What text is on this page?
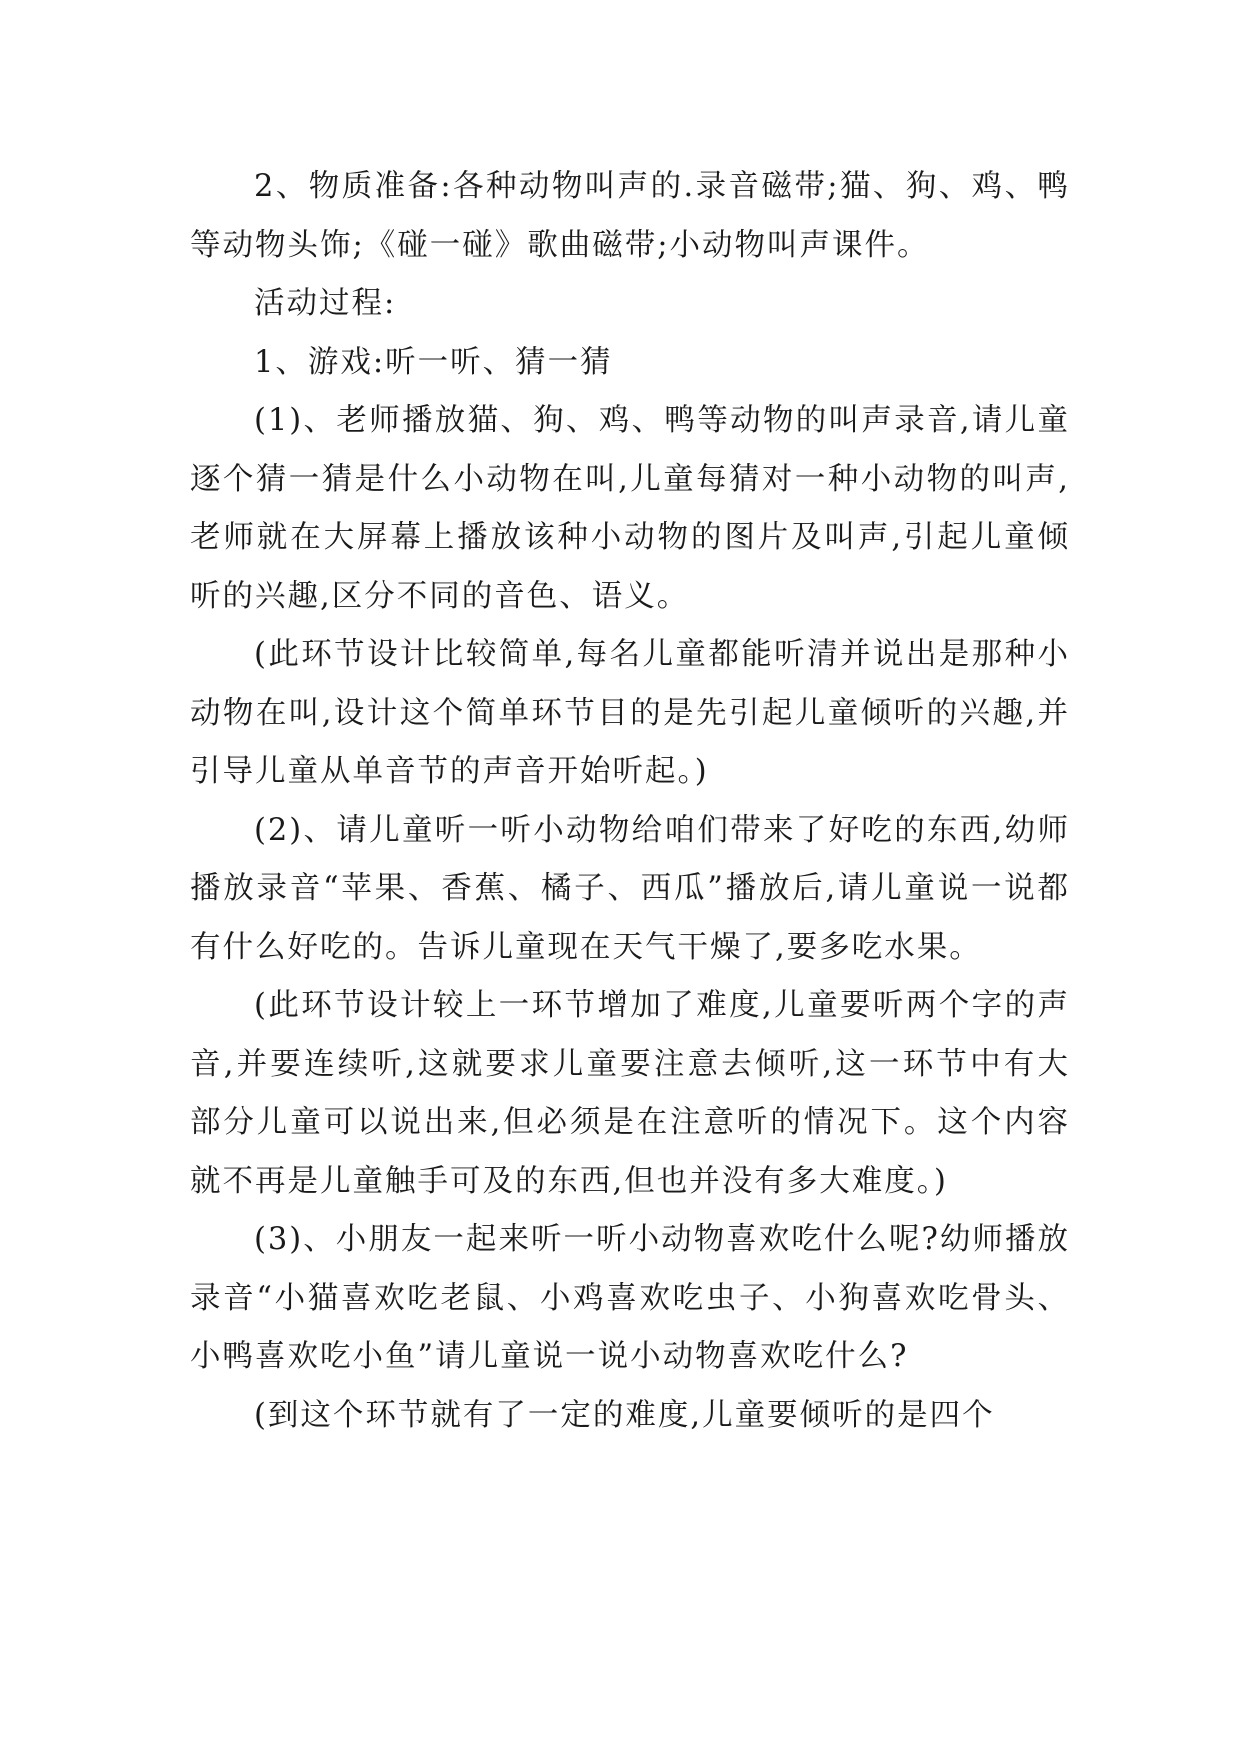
2、物质准备:各种动物叫声的.录音磁带;猫、狗、鸡、鸭等动物头饰;《碰一碰》歌曲磁带;小动物叫声课件。

活动过程:

1、游戏:听一听、猜一猜

(1)、老师播放猫、狗、鸡、鸭等动物的叫声录音,请儿童逐个猜一猜是什么小动物在叫,儿童每猜对一种小动物的叫声,老师就在大屏幕上播放该种小动物的图片及叫声,引起儿童倾听的兴趣,区分不同的音色、语义。

(此环节设计比较简单,每名儿童都能听清并说出是那种小动物在叫,设计这个简单环节目的是先引起儿童倾听的兴趣,并引导儿童从单音节的声音开始听起。)

(2)、请儿童听一听小动物给咱们带来了好吃的东西,幼师播放录音“苹果、香蕉、橘子、西瓜”播放后,请儿童说一说都有什么好吃的。告诉儿童现在天气干燥了,要多吃水果。

(此环节设计较上一环节增加了难度,儿童要听两个字的声音,并要连续听,这就要求儿童要注意去倾听,这一环节中有大部分儿童可以说出来,但必须是在注意听的情况下。这个内容就不再是儿童触手可及的东西,但也并没有多大难度。)

(3)、小朋友一起来听一听小动物喜欢吃什么呢?幼师播放录音“小猫喜欢吃老鼠、小鸡喜欢吃虫子、小狗喜欢吃骨头、小鸭喜欢吃小鱼”请儿童说一说小动物喜欢吃什么?

(到这个环节就有了一定的难度,儿童要倾听的是四个
